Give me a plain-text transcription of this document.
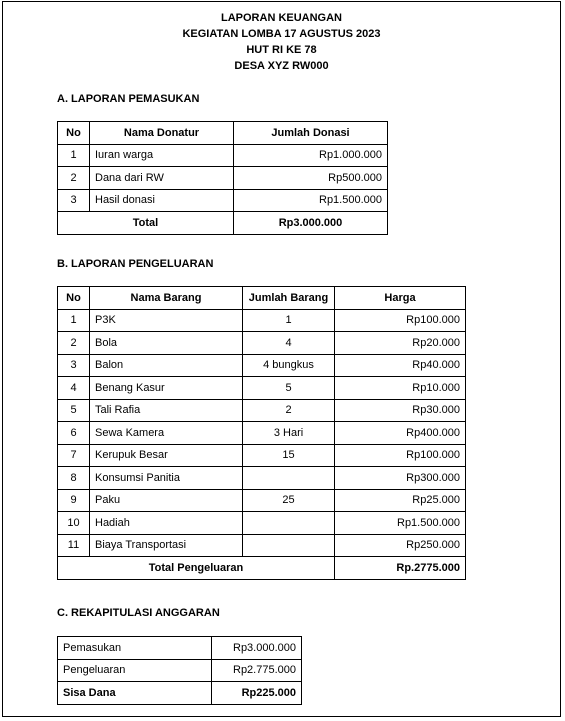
LAPORAN KEUANGAN
KEGIATAN LOMBA 17 AGUSTUS 2023
HUT RI KE 78
DESA XYZ RW000
A. LAPORAN PEMASUKAN
No	Nama Donatur	Jumlah Donasi
1	Iuran warga	Rp1.000.000
2	Dana dari RW	Rp500.000
3	Hasil donasi	Rp1.500.000
Total		Rp3.000.000
B. LAPORAN PENGELUARAN
No	Nama Barang	Jumlah Barang	Harga
1	P3K	1	Rp100.000
2	Bola	4	Rp20.000
3	Balon	4 bungkus	Rp40.000
4	Benang Kasur	5	Rp10.000
5	Tali Rafia	2	Rp30.000
6	Sewa Kamera	3 Hari	Rp400.000
7	Kerupuk Besar	15	Rp100.000
8	Konsumsi Panitia		Rp300.000
9	Paku	25	Rp25.000
10	Hadiah		Rp1.500.000
11	Biaya Transportasi		Rp250.000
Total Pengeluaran			Rp.2775.000
C. REKAPITULASI ANGGARAN
Pemasukan	Rp3.000.000
Pengeluaran	Rp2.775.000
Sisa Dana	Rp225.000
